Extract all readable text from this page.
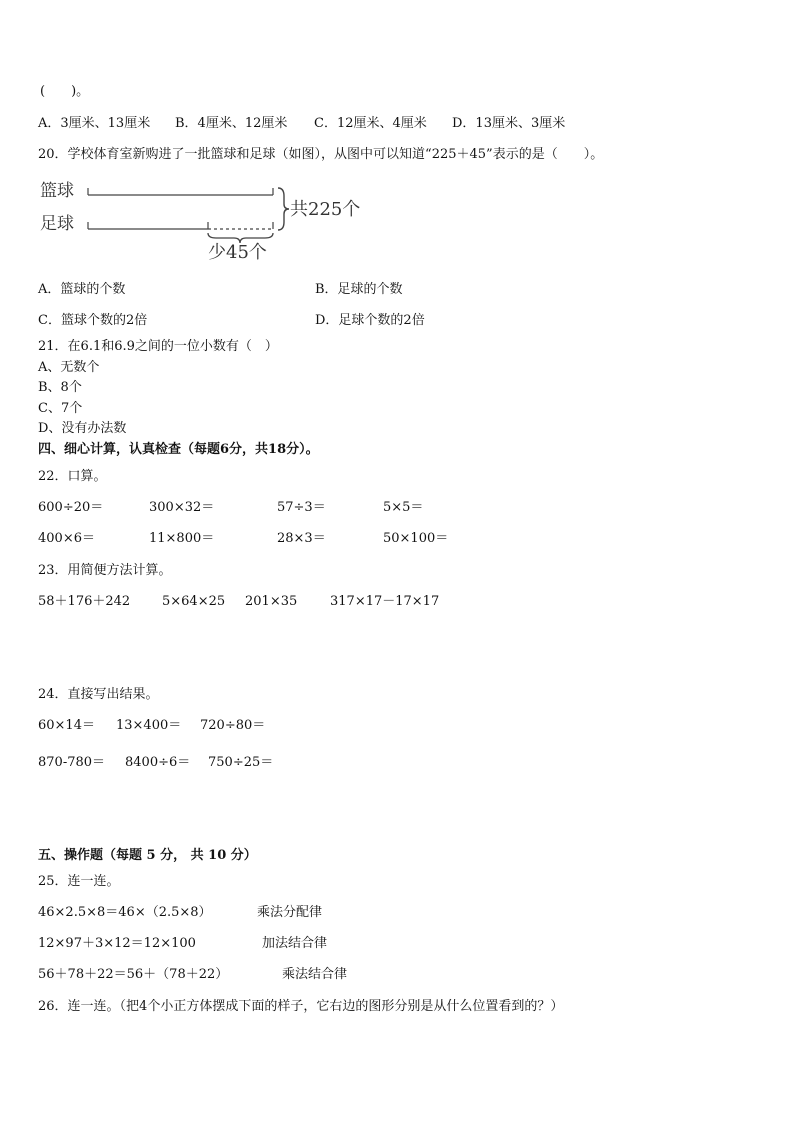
(　　)。
A．3厘米、13厘米 B．4厘米、12厘米 C．12厘米、4厘米 D．13厘米、3厘米
20．学校体育室新购进了一批篮球和足球（如图），从图中可以知道“225＋45”表示的是（　　）。
篮球
足球
共225个
少45个
A．篮球的个数	B．足球的个数
C．篮球个数的2倍	D．足球个数的2倍
21．在6.1和6.9之间的一位小数有（　）
A、无数个
B、8个
C、7个
D、没有办法数
四、细心计算，认真检查（每题6分，共18分）。
22．口算。
600÷20＝	300×32＝	57÷3＝	5×5＝
400×6＝	11×800＝	28×3＝	50×100＝
23．用简便方法计算。
58＋176＋242 5×64×25 201×35	317×17－17×17
24．直接写出结果。
60×14＝ 13×400＝ 720÷80＝
870-780＝ 8400÷6＝ 750÷25＝
五、操作题（每题 5 分， 共 10 分）
25．连一连。
46×2.5×8＝46×（2.5×8）	乘法分配律
12×97＋3×12＝12×100	加法结合律
56＋78＋22＝56＋（78＋22）	乘法结合律
26．连一连。（把4个小正方体摆成下面的样子，它右边的图形分别是从什么位置看到的？）
